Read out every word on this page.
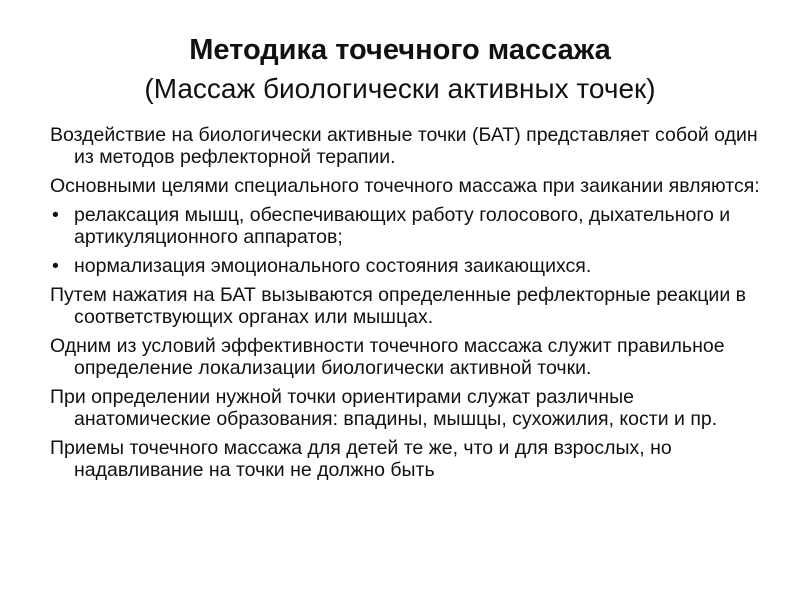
Методика точечного массажа
(Массаж биологически активных точек)
Воздействие на биологически активные точки (БАТ) представляет собой один из методов рефлекторной терапии.
Основными целями специального точечного массажа при заикании являются:
• релаксация мышц, обеспечивающих работу голосового, дыхательного и артикуляционного аппаратов;
• нормализация эмоционального состояния заикающихся.
Путем нажатия на БАТ вызываются определенные рефлекторные реакции в соответствующих органах или мышцах.
Одним из условий эффективности точечного массажа служит правильное определение локализации биологически активной точки.
При определении нужной точки ориентирами служат различные анатомические образования: впадины, мышцы, сухожилия, кости и пр.
Приемы точечного массажа для детей те же, что и для взрослых, но надавливание на точки не должно быть
